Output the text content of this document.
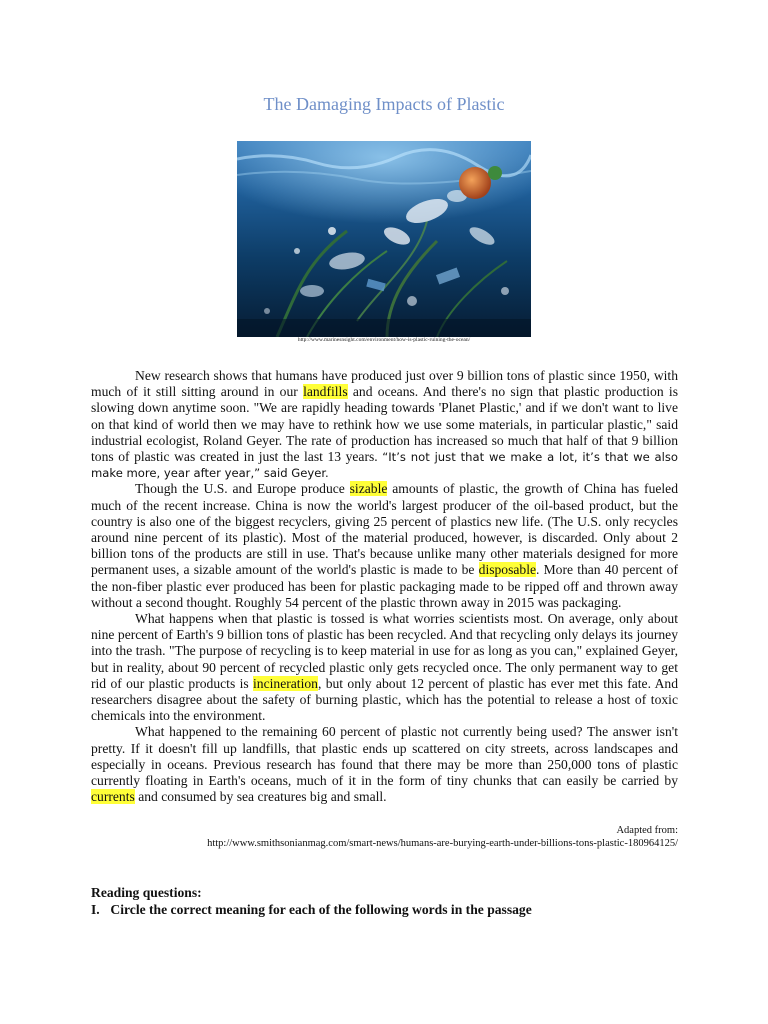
The Damaging Impacts of Plastic
http://www.marinesnsight.com/environment/how-is-plastic-ruining-the-ocean/

New research shows that humans have produced just over 9 billion tons of plastic since 1950, with much of it still sitting around in our landfills and oceans. And there's no sign that plastic production is slowing down anytime soon. "We are rapidly heading towards 'Planet Plastic,' and if we don't want to live on that kind of world then we may have to rethink how we use some materials, in particular plastic," said industrial ecologist, Roland Geyer. The rate of production has increased so much that half of that 9 billion tons of plastic was created in just the last 13 years. “It’s not just that we make a lot, it’s that we also make more, year after year,” said Geyer.

Though the U.S. and Europe produce sizable amounts of plastic, the growth of China has fueled much of the recent increase. China is now the world's largest producer of the oil-based product, but the country is also one of the biggest recyclers, giving 25 percent of plastics new life. (The U.S. only recycles around nine percent of its plastic). Most of the material produced, however, is discarded. Only about 2 billion tons of the products are still in use. That's because unlike many other materials designed for more permanent uses, a sizable amount of the world's plastic is made to be disposable. More than 40 percent of the non-fiber plastic ever produced has been for plastic packaging made to be ripped off and thrown away without a second thought. Roughly 54 percent of the plastic thrown away in 2015 was packaging.

What happens when that plastic is tossed is what worries scientists most. On average, only about nine percent of Earth's 9 billion tons of plastic has been recycled. And that recycling only delays its journey into the trash. "The purpose of recycling is to keep material in use for as long as you can," explained Geyer, but in reality, about 90 percent of recycled plastic only gets recycled once. The only permanent way to get rid of our plastic products is incineration, but only about 12 percent of plastic has ever met this fate. And researchers disagree about the safety of burning plastic, which has the potential to release a host of toxic chemicals into the environment.

What happened to the remaining 60 percent of plastic not currently being used? The answer isn't pretty. If it doesn't fill up landfills, that plastic ends up scattered on city streets, across landscapes and especially in oceans. Previous research has found that there may be more than 250,000 tons of plastic currently floating in Earth's oceans, much of it in the form of tiny chunks that can easily be carried by currents and consumed by sea creatures big and small.

Adapted from:
http://www.smithsonianmag.com/smart-news/humans-are-burying-earth-under-billions-tons-plastic-180964125/
Reading questions:
I. Circle the correct meaning for each of the following words in the passage
